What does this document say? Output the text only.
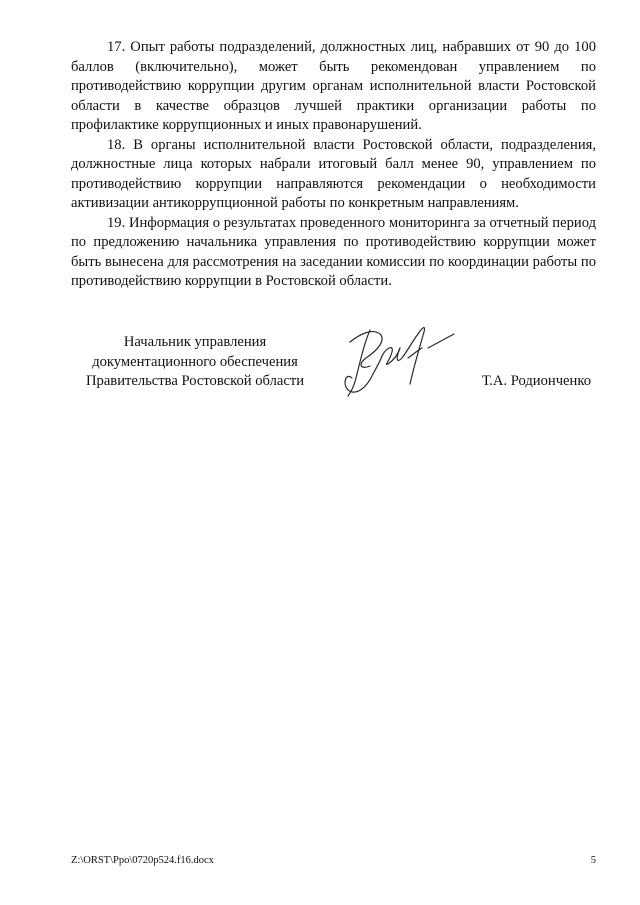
17. Опыт работы подразделений, должностных лиц, набравших от 90 до 100 баллов (включительно), может быть рекомендован управлением по противодействию коррупции другим органам исполнительной власти Ростовской области в качестве образцов лучшей практики организации работы по профилактике коррупционных и иных правонарушений.

18. В органы исполнительной власти Ростовской области, подразделения, должностные лица которых набрали итоговый балл менее 90, управлением по противодействию коррупции направляются рекомендации о необходимости активизации антикоррупционной работы по конкретным направлениям.

19. Информация о результатах проведенного мониторинга за отчетный период по предложению начальника управления по противодействию коррупции может быть вынесена для рассмотрения на заседании комиссии по координации работы по противодействию коррупции в Ростовской области.

Начальник управления
документационного обеспечения
Правительства Ростовской области	Т.А. Родионченко
Z:\ORST\Ppo\0720p524.f16.docx	5
